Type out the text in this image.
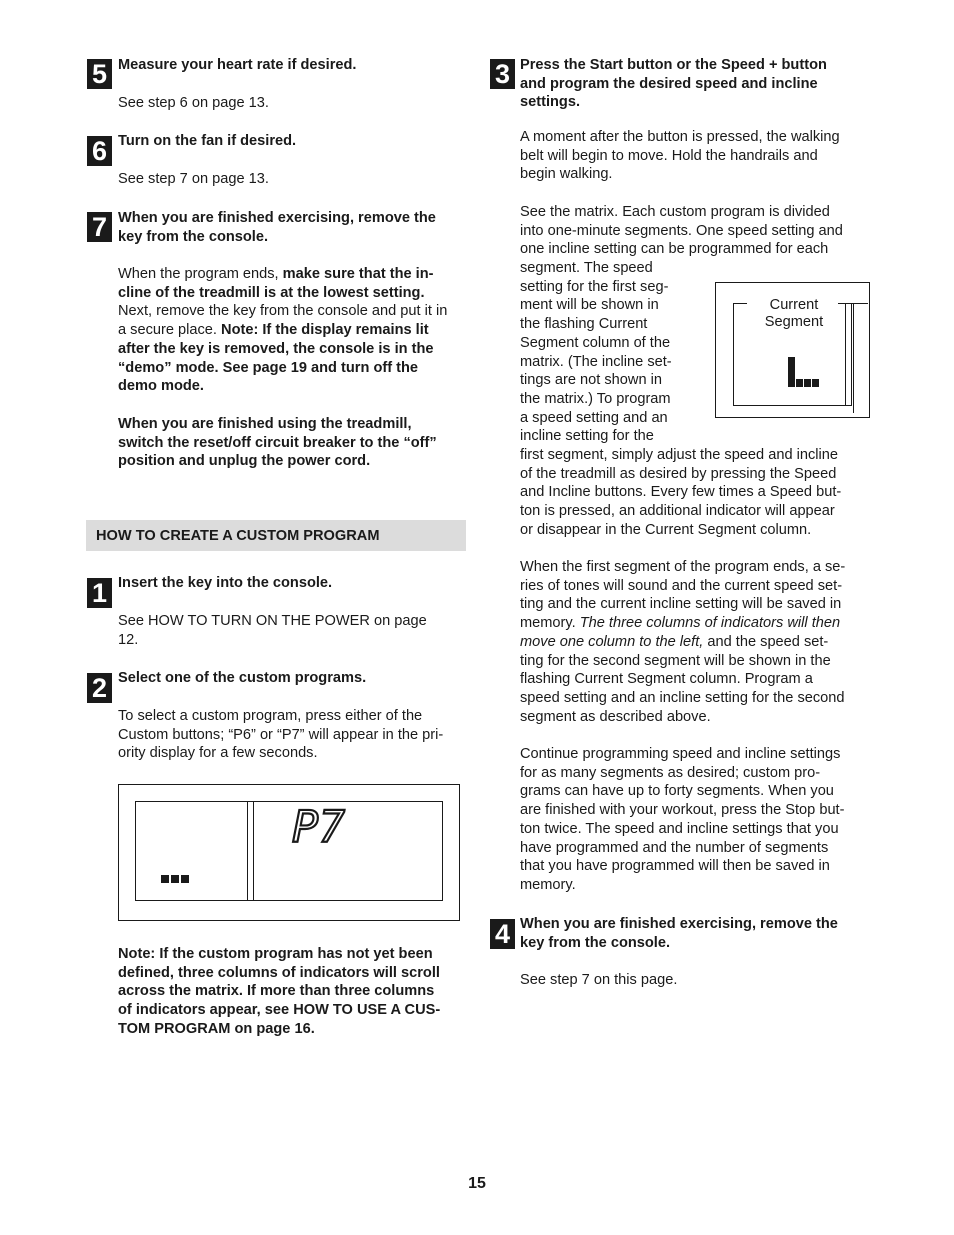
5 Measure your heart rate if desired.
See step 6 on page 13.
6 Turn on the fan if desired.
See step 7 on page 13.
7 When you are finished exercising, remove the
key from the console.
When the program ends, make sure that the in-
cline of the treadmill is at the lowest setting.
Next, remove the key from the console and put it in
a secure place. Note: If the display remains lit
after the key is removed, the console is in the
“demo” mode. See page 19 and turn off the
demo mode.
When you are finished using the treadmill,
switch the reset/off circuit breaker to the “off”
position and unplug the power cord.
HOW TO CREATE A CUSTOM PROGRAM
1 Insert the key into the console.
See HOW TO TURN ON THE POWER on page
12.
2 Select one of the custom programs.
To select a custom program, press either of the
Custom buttons; “P6” or “P7” will appear in the pri-
ority display for a few seconds.
P7
Note: If the custom program has not yet been
defined, three columns of indicators will scroll
across the matrix. If more than three columns
of indicators appear, see HOW TO USE A CUS-
TOM PROGRAM on page 16.
3 Press the Start button or the Speed + button
and program the desired speed and incline
settings.
A moment after the button is pressed, the walking
belt will begin to move. Hold the handrails and
begin walking.
See the matrix. Each custom program is divided
into one-minute segments. One speed setting and
one incline setting can be programmed for each
segment. The speed
setting for the first seg-
ment will be shown in
the flashing Current
Segment column of the
matrix. (The incline set-
tings are not shown in
the matrix.) To program
a speed setting and an
incline setting for the
first segment, simply adjust the speed and incline
of the treadmill as desired by pressing the Speed
and Incline buttons. Every few times a Speed but-
ton is pressed, an additional indicator will appear
or disappear in the Current Segment column.
Current
Segment
When the first segment of the program ends, a se-
ries of tones will sound and the current speed set-
ting and the current incline setting will be saved in
memory. The three columns of indicators will then
move one column to the left, and the speed set-
ting for the second segment will be shown in the
flashing Current Segment column. Program a
speed setting and an incline setting for the second
segment as described above.
Continue programming speed and incline settings
for as many segments as desired; custom pro-
grams can have up to forty segments. When you
are finished with your workout, press the Stop but-
ton twice. The speed and incline settings that you
have programmed and the number of segments
that you have programmed will then be saved in
memory.
4 When you are finished exercising, remove the
key from the console.
See step 7 on this page.
15
